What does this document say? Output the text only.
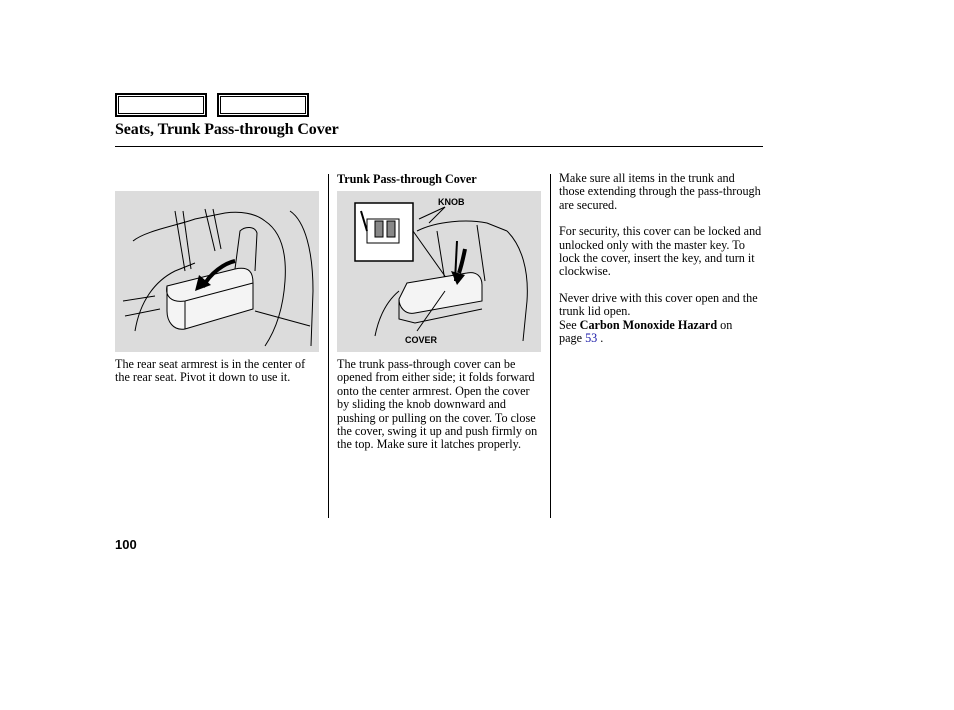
Seats, Trunk Pass-through Cover
KNOB
COVER

The rear seat armrest is in the center of the rear seat. Pivot it down to use it.

Trunk Pass-through Cover

The trunk pass-through cover can be opened from either side; it folds forward onto the center armrest. Open the cover by sliding the knob downward and pushing or pulling on the cover. To close the cover, swing it up and push firmly on the top. Make sure it latches properly.

Make sure all items in the trunk and those extending through the pass-through are secured.

For security, this cover can be locked and unlocked only with the master key. To lock the cover, insert the key, and turn it clockwise.

Never drive with this cover open and the trunk lid open.

See Carbon Monoxide Hazard on
page 53 .

100
